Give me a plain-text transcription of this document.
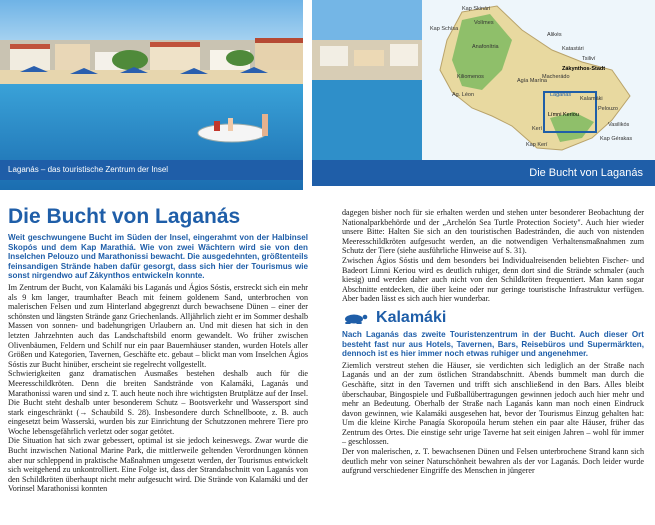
Laganás – das touristische Zentrum der Insel
Kap Skinári
Volímes
Kap Schísa
Anafonítria
Alikés
Katastári
Tsiliví
Zákynthos-Stadt
Macherádo
Agía Marína
Kiliomenos
Ag. Léon	Laganás
Kalamáki
Pelouzo
Límni Keriou
Kerí
Kap Kerí
Vasilikós
Kap Gérakas
Die Bucht von Laganás
Die Bucht von Laganás

Weit geschwungene Bucht im Süden der Insel, eingerahmt von der Halbinsel Skopós und dem Kap Marathiá. Wie von zwei Wächtern wird sie von den Inselchen Pelouzo und Marathonissi bewacht. Die ausgedehnten, größtenteils feinsandigen Strände haben dafür gesorgt, dass sich hier der Tourismus wie sonst nirgendwo auf Zákynthos entwickeln konnte.

Im Zentrum der Bucht, von Kalamáki bis Laganás und Ágios Sóstis, erstreckt sich ein mehr als 9 km langer, traumhafter Beach mit feinem goldenem Sand, unterbrochen von malerischen Felsen und zum Hinterland abgegrenzt durch bewachsene Dünen – einer der schönsten und längsten Strände ganz Griechenlands. Alljährlich zieht er im Sommer deshalb Massen von sonnen- und badehungrigen Urlaubern an. Und mit diesen hat sich in den letzten Jahrzehnten auch das Landschaftsbild enorm gewandelt. Wo früher zwischen Olivenbäumen, Feldern und Schilf nur ein paar Bauernhäuser standen, wurden Hotels aller Größen und Kategorien, Tavernen, Geschäfte etc. gebaut – blickt man vom Inselchen Ágios Sóstis zur Bucht hinüber, erscheint sie regelrecht vollgestellt.

Schwierigkeiten ganz dramatischen Ausmaßes bestehen deshalb auch für die Meeresschildkröten. Denn die breiten Sandstrände von Kalamáki, Laganás und Marathonissi waren und sind z. T. auch heute noch ihre wichtigsten Brutplätze auf der Insel. Die Bucht steht deshalb unter besonderem Schutz – Bootsverkehr und Wassersport sind stark eingeschränkt (→ Schaubild S. 28). Insbesondere durch Schnellboote, z. B. auch eingesetzt beim Wasserski, wurden bis zur Einrichtung der Schutzzonen mehrere Tiere pro Woche lebensgefährlich verletzt oder sogar getötet.

Die Situation hat sich zwar gebessert, optimal ist sie jedoch keineswegs. Zwar wurde die Bucht inzwischen National Marine Park, die mittlerweile geltenden Verordnungen können aber nur schleppend in praktische Maßnahmen umgesetzt werden, der Tourismus entwickelt sich weitgehend zu unkontrolliert. Eine Folge ist, dass der Strandabschnitt von Laganás von den Schildkröten überhaupt nicht mehr aufgesucht wird. Die Strände von Kalamáki und der Vorinsel Marathonissi konnten

dagegen bisher noch für sie erhalten werden und stehen unter besonderer Beobachtung der Nationalparkbehörde und der „Archelón Sea Turtle Protection Society". Auch hier wieder unsere Bitte: Halten Sie sich an den touristischen Badestränden, die auch von nistenden Meeresschildkröten aufgesucht werden, an die notwendigen Verhaltensmaßnahmen zum Schutz der Tiere (siehe ausführliche Hinweise auf S. 31).

Zwischen Ágios Sóstis und dem besonders bei Individualreisenden beliebten Fischer- und Badeort Límni Keriou wird es deutlich ruhiger, denn dort sind die Strände schmaler (auch kiesig) und werden daher auch nicht von den Schildkröten frequentiert. Man kann sogar Abschnitte entdecken, die über keine oder nur geringe touristische Infrastruktur verfügen. Aber baden lässt es sich auch hier wunderbar.

Kalamáki

Nach Laganás das zweite Touristenzentrum in der Bucht. Auch dieser Ort besteht fast nur aus Hotels, Tavernen, Bars, Reisebüros und Supermärkten, dennoch ist es hier immer noch etwas ruhiger und angenehmer.

Ziemlich verstreut stehen die Häuser, sie verdichten sich lediglich an der Straße nach Laganás und an der zum östlichen Strandabschnitt. Abends bummelt man durch die Geschäfte, sitzt in den Tavernen und trifft sich anschließend in den Bars. Alles bleibt überschaubar, Bingospiele und Fußballübertragungen gewinnen jedoch auch hier mehr und mehr an Bedeutung. Oberhalb der Straße nach Laganás kann man noch einen Eindruck davon gewinnen, wie Kalamáki ausgesehen hat, bevor der Tourismus Einzug gehalten hat: Um die kleine Kirche Panagía Skoropoúla herum stehen ein paar alte Häuser, früher das Zentrum des Ortes. Die einstige sehr urige Taverne hat seit einigen Jahren – wohl für immer – geschlossen.

Der von malerischen, z. T. bewachsenen Dünen und Felsen unterbrochene Strand kann sich deutlich mehr von seiner Naturschönheit bewahren als der vor Laganás. Doch leider wurde aufgrund verschiedener Eingriffe des Menschen in jüngerer
